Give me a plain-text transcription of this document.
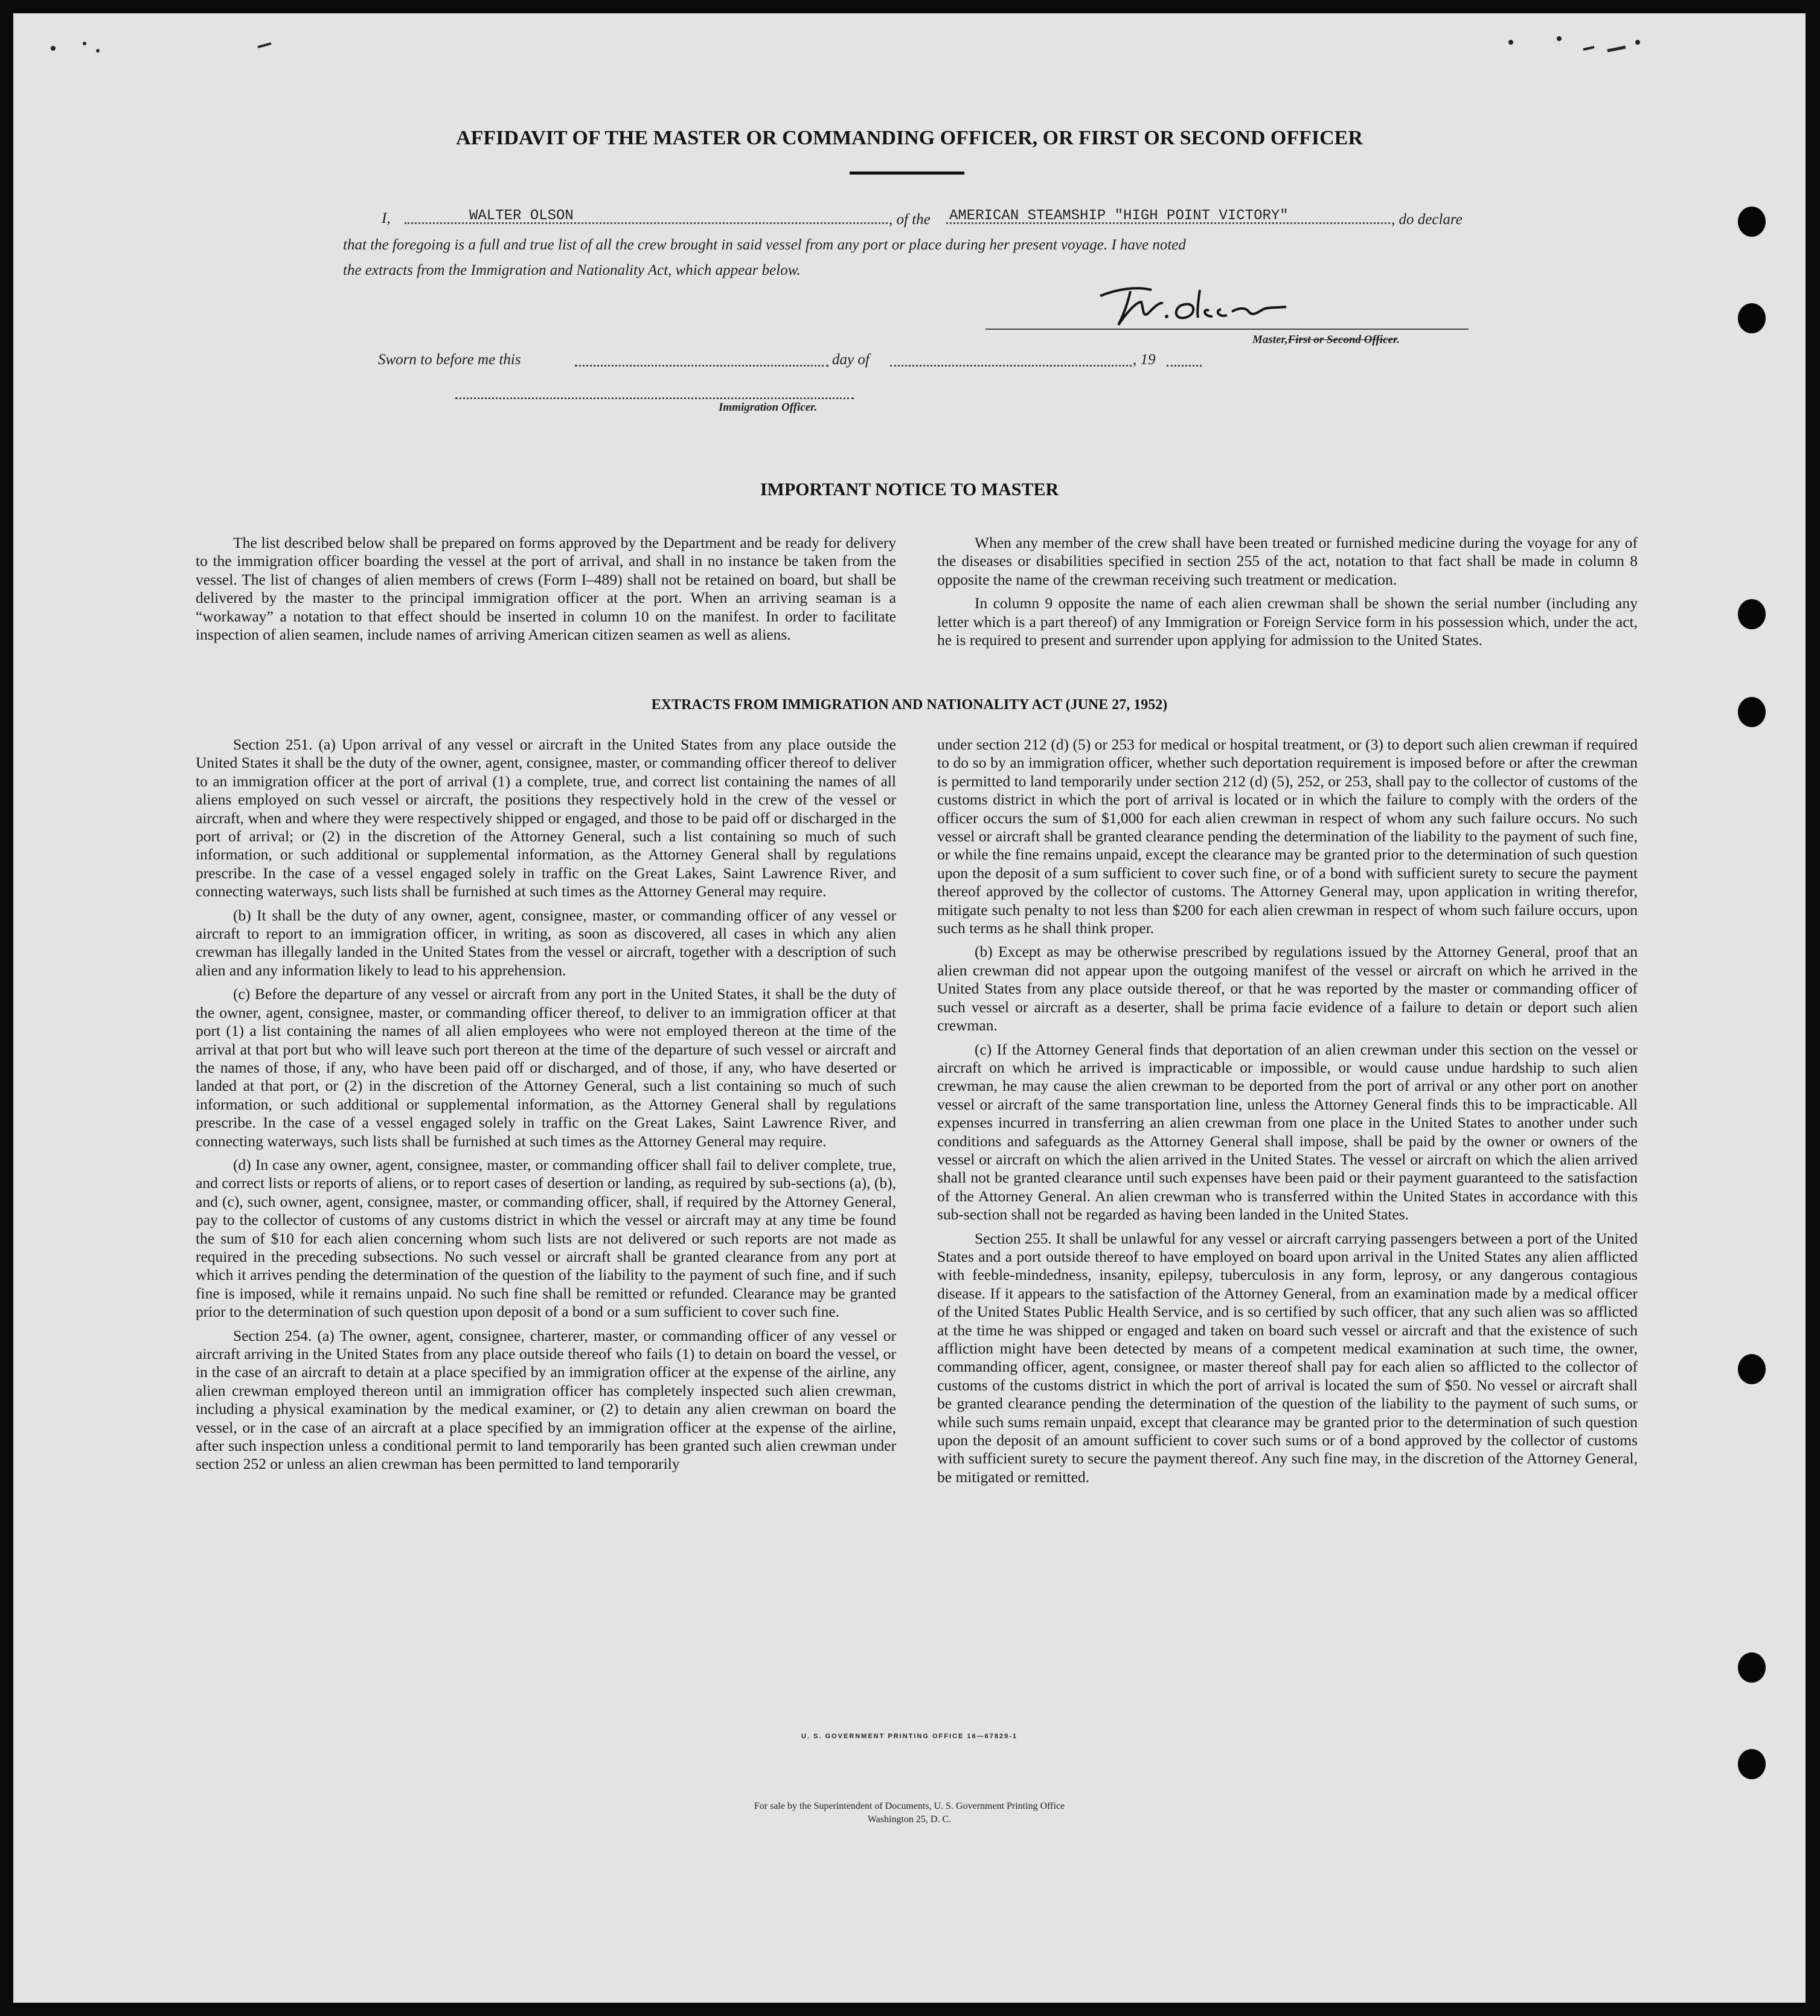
AFFIDAVIT OF THE MASTER OR COMMANDING OFFICER, OR FIRST OR SECOND OFFICER
I,	WALTER OLSON	, of the AMERICAN STEAMSHIP "HIGH POINT VICTORY"	, do declare
that the foregoing is a full and true list of all the crew brought in said vessel from any port or place during her present voyage. I have noted
the extracts from the Immigration and Nationality Act, which appear below.
Master,First or Second Officer.
Sworn to before me this	day of	, 19
Immigration Officer.
IMPORTANT NOTICE TO MASTER

The list described below shall be prepared on forms approved by the Department and be ready for delivery to the immigration officer boarding the vessel at the port of arrival, and shall in no instance be taken from the vessel. The list of changes of alien members of crews (Form I–489) shall not be retained on board, but shall be delivered by the master to the principal immigration officer at the port. When an arriving seaman is a “workaway” a notation to that effect should be inserted in column 10 on the manifest. In order to facilitate inspection of alien seamen, include names of arriving American citizen seamen as well as aliens.

When any member of the crew shall have been treated or furnished medicine during the voyage for any of the diseases or disabilities specified in section 255 of the act, notation to that fact shall be made in column 8 opposite the name of the crewman receiving such treatment or medication.

In column 9 opposite the name of each alien crewman shall be shown the serial number (including any letter which is a part thereof) of any Immigration or Foreign Service form in his possession which, under the act, he is required to present and surrender upon applying for admission to the United States.

EXTRACTS FROM IMMIGRATION AND NATIONALITY ACT (JUNE 27, 1952)

Section 251. (a) Upon arrival of any vessel or aircraft in the United States from any place outside the United States it shall be the duty of the owner, agent, consignee, master, or commanding officer thereof to deliver to an immigration officer at the port of arrival (1) a complete, true, and correct list containing the names of all aliens employed on such vessel or aircraft, the positions they respectively hold in the crew of the vessel or aircraft, when and where they were respectively shipped or engaged, and those to be paid off or discharged in the port of arrival; or (2) in the discretion of the Attorney General, such a list containing so much of such information, or such additional or supplemental information, as the Attorney General shall by regulations prescribe. In the case of a vessel engaged solely in traffic on the Great Lakes, Saint Lawrence River, and connecting waterways, such lists shall be furnished at such times as the Attorney General may require.

(b) It shall be the duty of any owner, agent, consignee, master, or commanding officer of any vessel or aircraft to report to an immigration officer, in writing, as soon as discovered, all cases in which any alien crewman has illegally landed in the United States from the vessel or aircraft, together with a description of such alien and any information likely to lead to his apprehension.

(c) Before the departure of any vessel or aircraft from any port in the United States, it shall be the duty of the owner, agent, consignee, master, or commanding officer thereof, to deliver to an immigration officer at that port (1) a list containing the names of all alien employees who were not employed thereon at the time of the arrival at that port but who will leave such port thereon at the time of the departure of such vessel or aircraft and the names of those, if any, who have been paid off or discharged, and of those, if any, who have deserted or landed at that port, or (2) in the discretion of the Attorney General, such a list containing so much of such information, or such additional or supplemental information, as the Attorney General shall by regulations prescribe. In the case of a vessel engaged solely in traffic on the Great Lakes, Saint Lawrence River, and connecting waterways, such lists shall be furnished at such times as the Attorney General may require.

(d) In case any owner, agent, consignee, master, or commanding officer shall fail to deliver complete, true, and correct lists or reports of aliens, or to report cases of desertion or landing, as required by sub-sections (a), (b), and (c), such owner, agent, consignee, master, or commanding officer, shall, if required by the Attorney General, pay to the collector of customs of any customs district in which the vessel or aircraft may at any time be found the sum of $10 for each alien concerning whom such lists are not delivered or such reports are not made as required in the preceding subsections. No such vessel or aircraft shall be granted clearance from any port at which it arrives pending the determination of the question of the liability to the payment of such fine, and if such fine is imposed, while it remains unpaid. No such fine shall be remitted or refunded. Clearance may be granted prior to the determination of such question upon deposit of a bond or a sum sufficient to cover such fine.

Section 254. (a) The owner, agent, consignee, charterer, master, or commanding officer of any vessel or aircraft arriving in the United States from any place outside thereof who fails (1) to detain on board the vessel, or in the case of an aircraft to detain at a place specified by an immigration officer at the expense of the airline, any alien crewman employed thereon until an immigration officer has completely inspected such alien crewman, including a physical examination by the medical examiner, or (2) to detain any alien crewman on board the vessel, or in the case of an aircraft at a place specified by an immigration officer at the expense of the airline, after such inspection unless a conditional permit to land temporarily has been granted such alien crewman under section 252 or unless an alien crewman has been permitted to land temporarily

under section 212 (d) (5) or 253 for medical or hospital treatment, or (3) to deport such alien crewman if required to do so by an immigration officer, whether such deportation requirement is imposed before or after the crewman is permitted to land temporarily under section 212 (d) (5), 252, or 253, shall pay to the collector of customs of the customs district in which the port of arrival is located or in which the failure to comply with the orders of the officer occurs the sum of $1,000 for each alien crewman in respect of whom any such failure occurs. No such vessel or aircraft shall be granted clearance pending the determination of the liability to the payment of such fine, or while the fine remains unpaid, except the clearance may be granted prior to the determination of such question upon the deposit of a sum sufficient to cover such fine, or of a bond with sufficient surety to secure the payment thereof approved by the collector of customs. The Attorney General may, upon application in writing therefor, mitigate such penalty to not less than $200 for each alien crewman in respect of whom such failure occurs, upon such terms as he shall think proper.

(b) Except as may be otherwise prescribed by regulations issued by the Attorney General, proof that an alien crewman did not appear upon the outgoing manifest of the vessel or aircraft on which he arrived in the United States from any place outside thereof, or that he was reported by the master or commanding officer of such vessel or aircraft as a deserter, shall be prima facie evidence of a failure to detain or deport such alien crewman.

(c) If the Attorney General finds that deportation of an alien crewman under this section on the vessel or aircraft on which he arrived is impracticable or impossible, or would cause undue hardship to such alien crewman, he may cause the alien crewman to be deported from the port of arrival or any other port on another vessel or aircraft of the same transportation line, unless the Attorney General finds this to be impracticable. All expenses incurred in transferring an alien crewman from one place in the United States to another under such conditions and safeguards as the Attorney General shall impose, shall be paid by the owner or owners of the vessel or aircraft on which the alien arrived in the United States. The vessel or aircraft on which the alien arrived shall not be granted clearance until such expenses have been paid or their payment guaranteed to the satisfaction of the Attorney General. An alien crewman who is transferred within the United States in accordance with this sub-section shall not be regarded as having been landed in the United States.

Section 255. It shall be unlawful for any vessel or aircraft carrying passengers between a port of the United States and a port outside thereof to have employed on board upon arrival in the United States any alien afflicted with feeble-mindedness, insanity, epilepsy, tuberculosis in any form, leprosy, or any dangerous contagious disease. If it appears to the satisfaction of the Attorney General, from an examination made by a medical officer of the United States Public Health Service, and is so certified by such officer, that any such alien was so afflicted at the time he was shipped or engaged and taken on board such vessel or aircraft and that the existence of such affliction might have been detected by means of a competent medical examination at such time, the owner, commanding officer, agent, consignee, or master thereof shall pay for each alien so afflicted to the collector of customs of the customs district in which the port of arrival is located the sum of $50. No vessel or aircraft shall be granted clearance pending the determination of the question of the liability to the payment of such sums, or while such sums remain unpaid, except that clearance may be granted prior to the determination of such question upon the deposit of an amount sufficient to cover such sums or of a bond approved by the collector of customs with sufficient surety to secure the payment thereof. Any such fine may, in the discretion of the Attorney General, be mitigated or remitted.

U. S. GOVERNMENT PRINTING OFFICE 16—67829-1
For sale by the Superintendent of Documents, U. S. Government Printing Office
Washington 25, D. C.
